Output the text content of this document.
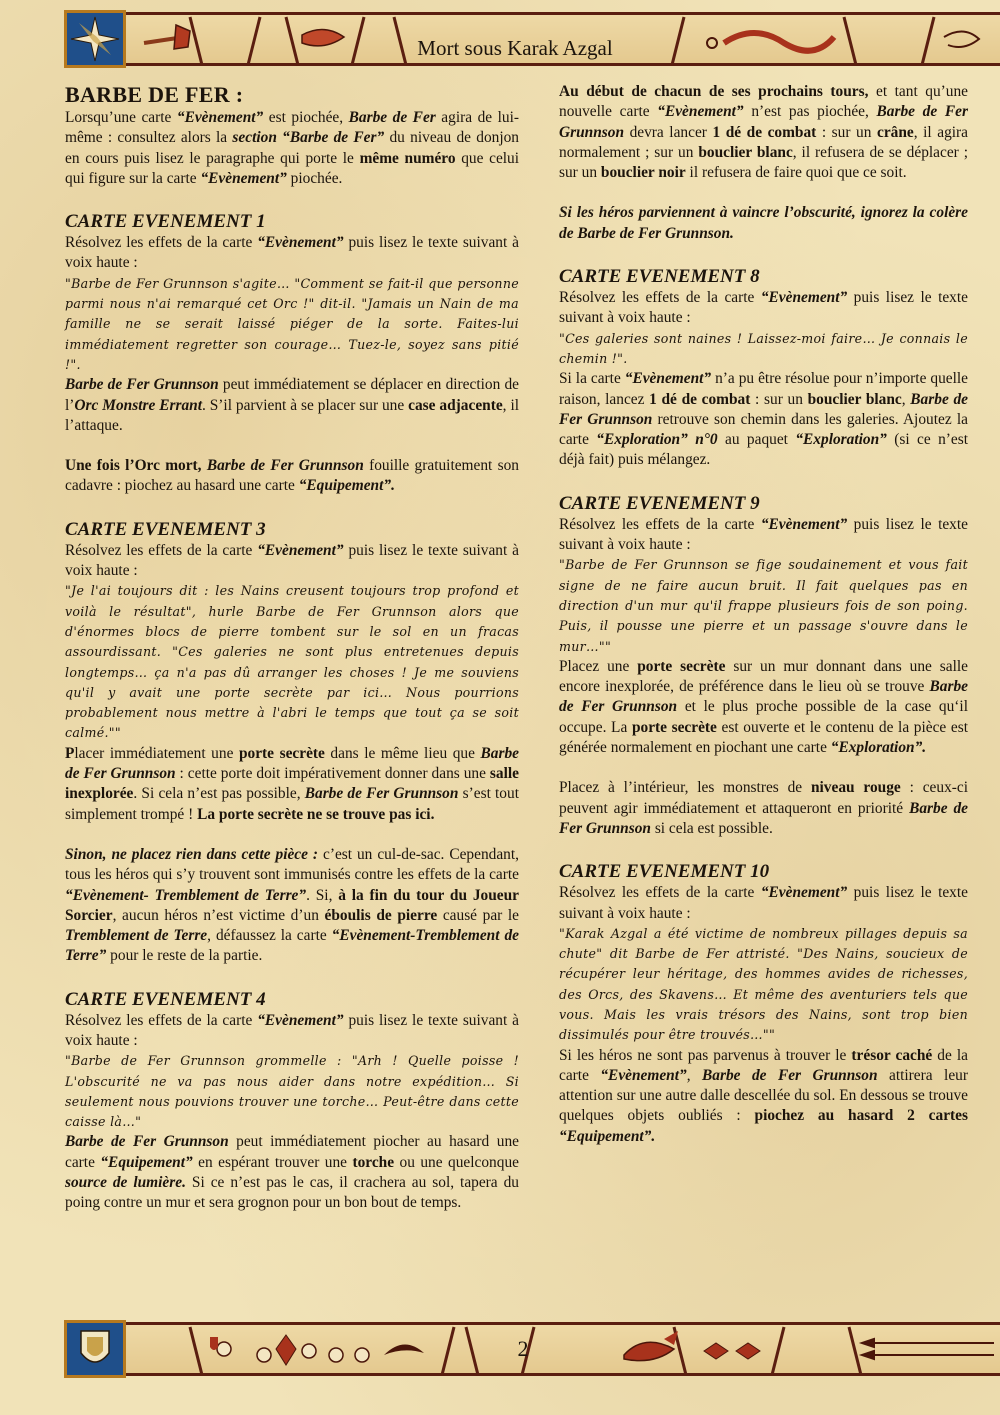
Mort sous Karak Azgal
BARBE DE FER :

Lorsqu’une carte “Evènement” est piochée, Barbe de Fer agira de lui-même : consultez alors la section “Barbe de Fer” du niveau de donjon en cours puis lisez le paragraphe qui porte le même numéro que celui qui figure sur la carte “Evènement” piochée.

CARTE EVENEMENT 1

Résolvez les effets de la carte “Evènement” puis lisez le texte suivant à voix haute :

"Barbe de Fer Grunnson s'agite… "Comment se fait-il que personne parmi nous n'ai remarqué cet Orc !" dit-il. "Jamais un Nain de ma famille ne se serait laissé piéger de la sorte. Faites-lui immédiatement regretter son courage… Tuez-le, soyez sans pitié !".

Barbe de Fer Grunnson peut immédiatement se déplacer en direction de l’Orc Monstre Errant. S’il parvient à se placer sur une case adjacente, il l’attaque.

Une fois l’Orc mort, Barbe de Fer Grunnson fouille gratuitement son cadavre : piochez au hasard une carte “Equipement”.

CARTE EVENEMENT 3

Résolvez les effets de la carte “Evènement” puis lisez le texte suivant à voix haute :

"Je l'ai toujours dit : les Nains creusent toujours trop profond et voilà le résultat", hurle Barbe de Fer Grunnson alors que d'énormes blocs de pierre tombent sur le sol en un fracas assourdissant. "Ces galeries ne sont plus entretenues depuis longtemps… ça n'a pas dû arranger les choses ! Je me souviens qu'il y avait une porte secrète par ici… Nous pourrions probablement nous mettre à l'abri le temps que tout ça se soit calmé.""

Placer immédiatement une porte secrète dans le même lieu que Barbe de Fer Grunnson : cette porte doit impérativement donner dans une salle inexplorée. Si cela n’est pas possible, Barbe de Fer Grunnson s’est tout simplement trompé ! La porte secrète ne se trouve pas ici.

Sinon, ne placez rien dans cette pièce : c’est un cul-de-sac. Cependant, tous les héros qui s’y trouvent sont immunisés contre les effets de la carte “Evènement- Tremblement de Terre”. Si, à la fin du tour du Joueur Sorcier, aucun héros n’est victime d’un éboulis de pierre causé par le Tremblement de Terre, défaussez la carte “Evènement-Tremblement de Terre” pour le reste de la partie.

CARTE EVENEMENT 4

Résolvez les effets de la carte “Evènement” puis lisez le texte suivant à voix haute :

"Barbe de Fer Grunnson grommelle : "Arh ! Quelle poisse ! L'obscurité ne va pas nous aider dans notre expédition… Si seulement nous pouvions trouver une torche… Peut-être dans cette caisse là…"

Barbe de Fer Grunnson peut immédiatement piocher au hasard une carte “Equipement” en espérant trouver une torche ou une quelconque source de lumière. Si ce n’est pas le cas, il crachera au sol, tapera du poing contre un mur et sera grognon pour un bon bout de temps.

Au début de chacun de ses prochains tours, et tant qu’une nouvelle carte “Evènement” n’est pas piochée, Barbe de Fer Grunnson devra lancer 1 dé de combat : sur un crâne, il agira normalement ; sur un bouclier blanc, il refusera de se déplacer ; sur un bouclier noir il refusera de faire quoi que ce soit.

Si les héros parviennent à vaincre l’obscurité, ignorez la colère de Barbe de Fer Grunnson.

CARTE EVENEMENT 8

Résolvez les effets de la carte “Evènement” puis lisez le texte suivant à voix haute :

"Ces galeries sont naines ! Laissez-moi faire… Je connais le chemin !".

Si la carte “Evènement” n’a pu être résolue pour n’importe quelle raison, lancez 1 dé de combat : sur un bouclier blanc, Barbe de Fer Grunnson retrouve son chemin dans les galeries. Ajoutez la carte “Exploration” n°0 au paquet “Exploration” (si ce n’est déjà fait) puis mélangez.

CARTE EVENEMENT 9

Résolvez les effets de la carte “Evènement” puis lisez le texte suivant à voix haute :

"Barbe de Fer Grunnson se fige soudainement et vous fait signe de ne faire aucun bruit. Il fait quelques pas en direction d'un mur qu'il frappe plusieurs fois de son poing. Puis, il pousse une pierre et un passage s'ouvre dans le mur…""

Placez une porte secrète sur un mur donnant dans une salle encore inexplorée, de préférence dans le lieu où se trouve Barbe de Fer Grunnson et le plus proche possible de la case qu‘il occupe. La porte secrète est ouverte et le contenu de la pièce est générée normalement en piochant une carte “Exploration”.

Placez à l’intérieur, les monstres de niveau rouge : ceux-ci peuvent agir immédiatement et attaqueront en priorité Barbe de Fer Grunnson si cela est possible.

CARTE EVENEMENT 10

Résolvez les effets de la carte “Evènement” puis lisez le texte suivant à voix haute :

"Karak Azgal a été victime de nombreux pillages depuis sa chute" dit Barbe de Fer attristé. "Des Nains, soucieux de récupérer leur héritage, des hommes avides de richesses, des Orcs, des Skavens… Et même des aventuriers tels que vous. Mais les vrais trésors des Nains, sont trop bien dissimulés pour être trouvés…""

Si les héros ne sont pas parvenus à trouver le trésor caché de la carte “Evènement”, Barbe de Fer Grunnson attirera leur attention sur une autre dalle descellée du sol. En dessous se trouve quelques objets oubliés : piochez au hasard 2 cartes “Equipement”.

2
